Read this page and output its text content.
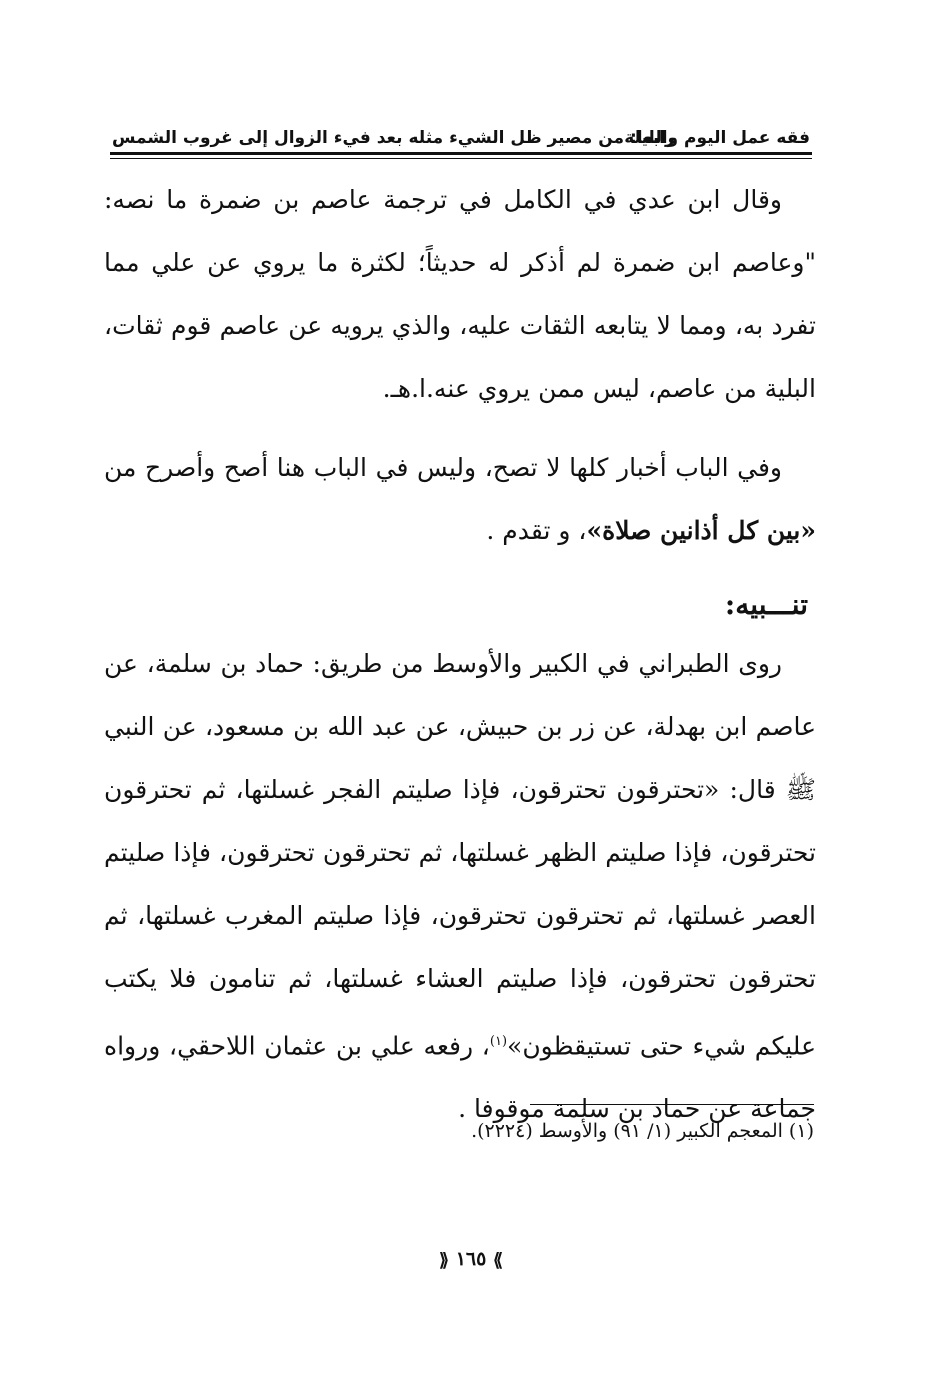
فقه عمل اليوم والليلة
رابعا: من مصير ظل الشيء مثله بعد فيء الزوال إلى غروب الشمس

وقال ابن عدي في الكامل في ترجمة عاصم بن ضمرة ما نصه: "وعاصم ابن ضمرة لم أذكر له حديثاً؛ لكثرة ما يروي عن علي مما تفرد به، ومما لا يتابعه الثقات عليه، والذي يرويه عن عاصم قوم ثقات، البلية من عاصم، ليس ممن يروي عنه.ا.هـ.

وفي الباب أخبار كلها لا تصح، وليس في الباب هنا أصح وأصرح من «بين كل أذانين صلاة»، و تقدم .

تنـــبيه:

روى الطبراني في الكبير والأوسط من طريق: حماد بن سلمة، عن عاصم ابن بهدلة، عن زر بن حبيش، عن عبد الله بن مسعود، عن النبي ﷺ قال: «تحترقون تحترقون، فإذا صليتم الفجر غسلتها، ثم تحترقون تحترقون، فإذا صليتم الظهر غسلتها، ثم تحترقون تحترقون، فإذا صليتم العصر غسلتها، ثم تحترقون تحترقون، فإذا صليتم المغرب غسلتها، ثم تحترقون تحترقون، فإذا صليتم العشاء غسلتها، ثم تنامون فلا يكتب عليكم شيء حتى تستيقظون»$^{(١)}$، رفعه علي بن عثمان اللاحقي، ورواه جماعة عن حماد بن سلمة موقوفا .

(١) المعجم الكبير (١/ ٩١) والأوسط (٢٢٢٤).
⟫ ١٦٥ ⟪
